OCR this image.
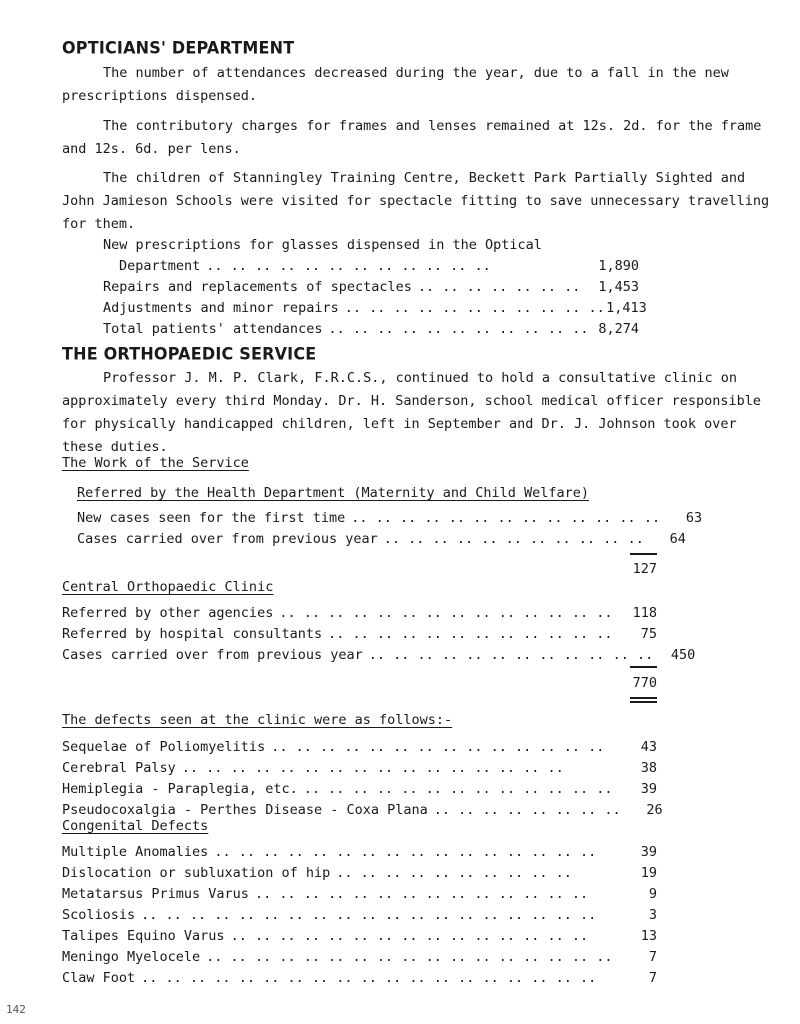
OPTICIANS' DEPARTMENT
The number of attendances decreased during the year, due to a fall in the new prescriptions dispensed.
The contributory charges for frames and lenses remained at 12s. 2d. for the frame and 12s. 6d. per lens.
The children of Stanningley Training Centre, Beckett Park Partially Sighted and John Jamieson Schools were visited for spectacle fitting to save unnecessary travelling for them.
New prescriptions for glasses dispensed in the Optical
Department .. .. .. .. .. .. .. .. .. .. .. ..	1,890
Repairs and replacements of spectacles .. .. .. .. .. .. ..	1,453
Adjustments and minor repairs .. .. .. .. .. .. .. .. .. .. .. 1,413
Total patients' attendances .. .. .. .. .. .. .. .. .. .. .. 8,274
THE ORTHOPAEDIC SERVICE
Professor J. M. P. Clark, F.R.C.S., continued to hold a consultative clinic on approximately every third Monday. Dr. H. Sanderson, school medical officer responsible for physically handicapped children, left in September and Dr. J. Johnson took over these duties.
The Work of the Service
Referred by the Health Department (Maternity and Child Welfare)
New cases seen for the first time .. .. .. .. .. .. .. .. .. .. .. .. ..	63
Cases carried over from previous year .. .. .. .. .. .. .. .. .. .. ..	64
127
Central Orthopaedic Clinic
Referred by other agencies .. .. .. .. .. .. .. .. .. .. .. .. .. ..	118
Referred by hospital consultants .. .. .. .. .. .. .. .. .. .. .. ..	75
Cases carried over from previous year .. .. .. .. .. .. .. .. .. .. .. ..	450
770
The defects seen at the clinic were as follows:-
Sequelae of Poliomyelitis .. .. .. .. .. .. .. .. .. .. .. .. .. ..	43
Cerebral Palsy .. .. .. .. .. .. .. .. .. .. .. .. .. .. .. ..	38
Hemiplegia - Paraplegia, etc. .. .. .. .. .. .. .. .. .. .. .. .. ..	39
Pseudocoxalgia - Perthes Disease - Coxa Plana .. .. .. .. .. .. .. ..	26
Congenital Defects
Multiple Anomalies .. .. .. .. .. .. .. .. .. .. .. .. .. .. .. ..	39
Dislocation or subluxation of hip .. .. .. .. .. .. .. .. .. ..	19
Metatarsus Primus Varus .. .. .. .. .. .. .. .. .. .. .. .. .. ..	9
Scoliosis .. .. .. .. .. .. .. .. .. .. .. .. .. .. .. .. .. .. ..	3
Talipes Equino Varus .. .. .. .. .. .. .. .. .. .. .. .. .. .. ..	13
Meningo Myelocele .. .. .. .. .. .. .. .. .. .. .. .. .. .. .. .. ..	7
Claw Foot .. .. .. .. .. .. .. .. .. .. .. .. .. .. .. .. .. .. ..	7
142
